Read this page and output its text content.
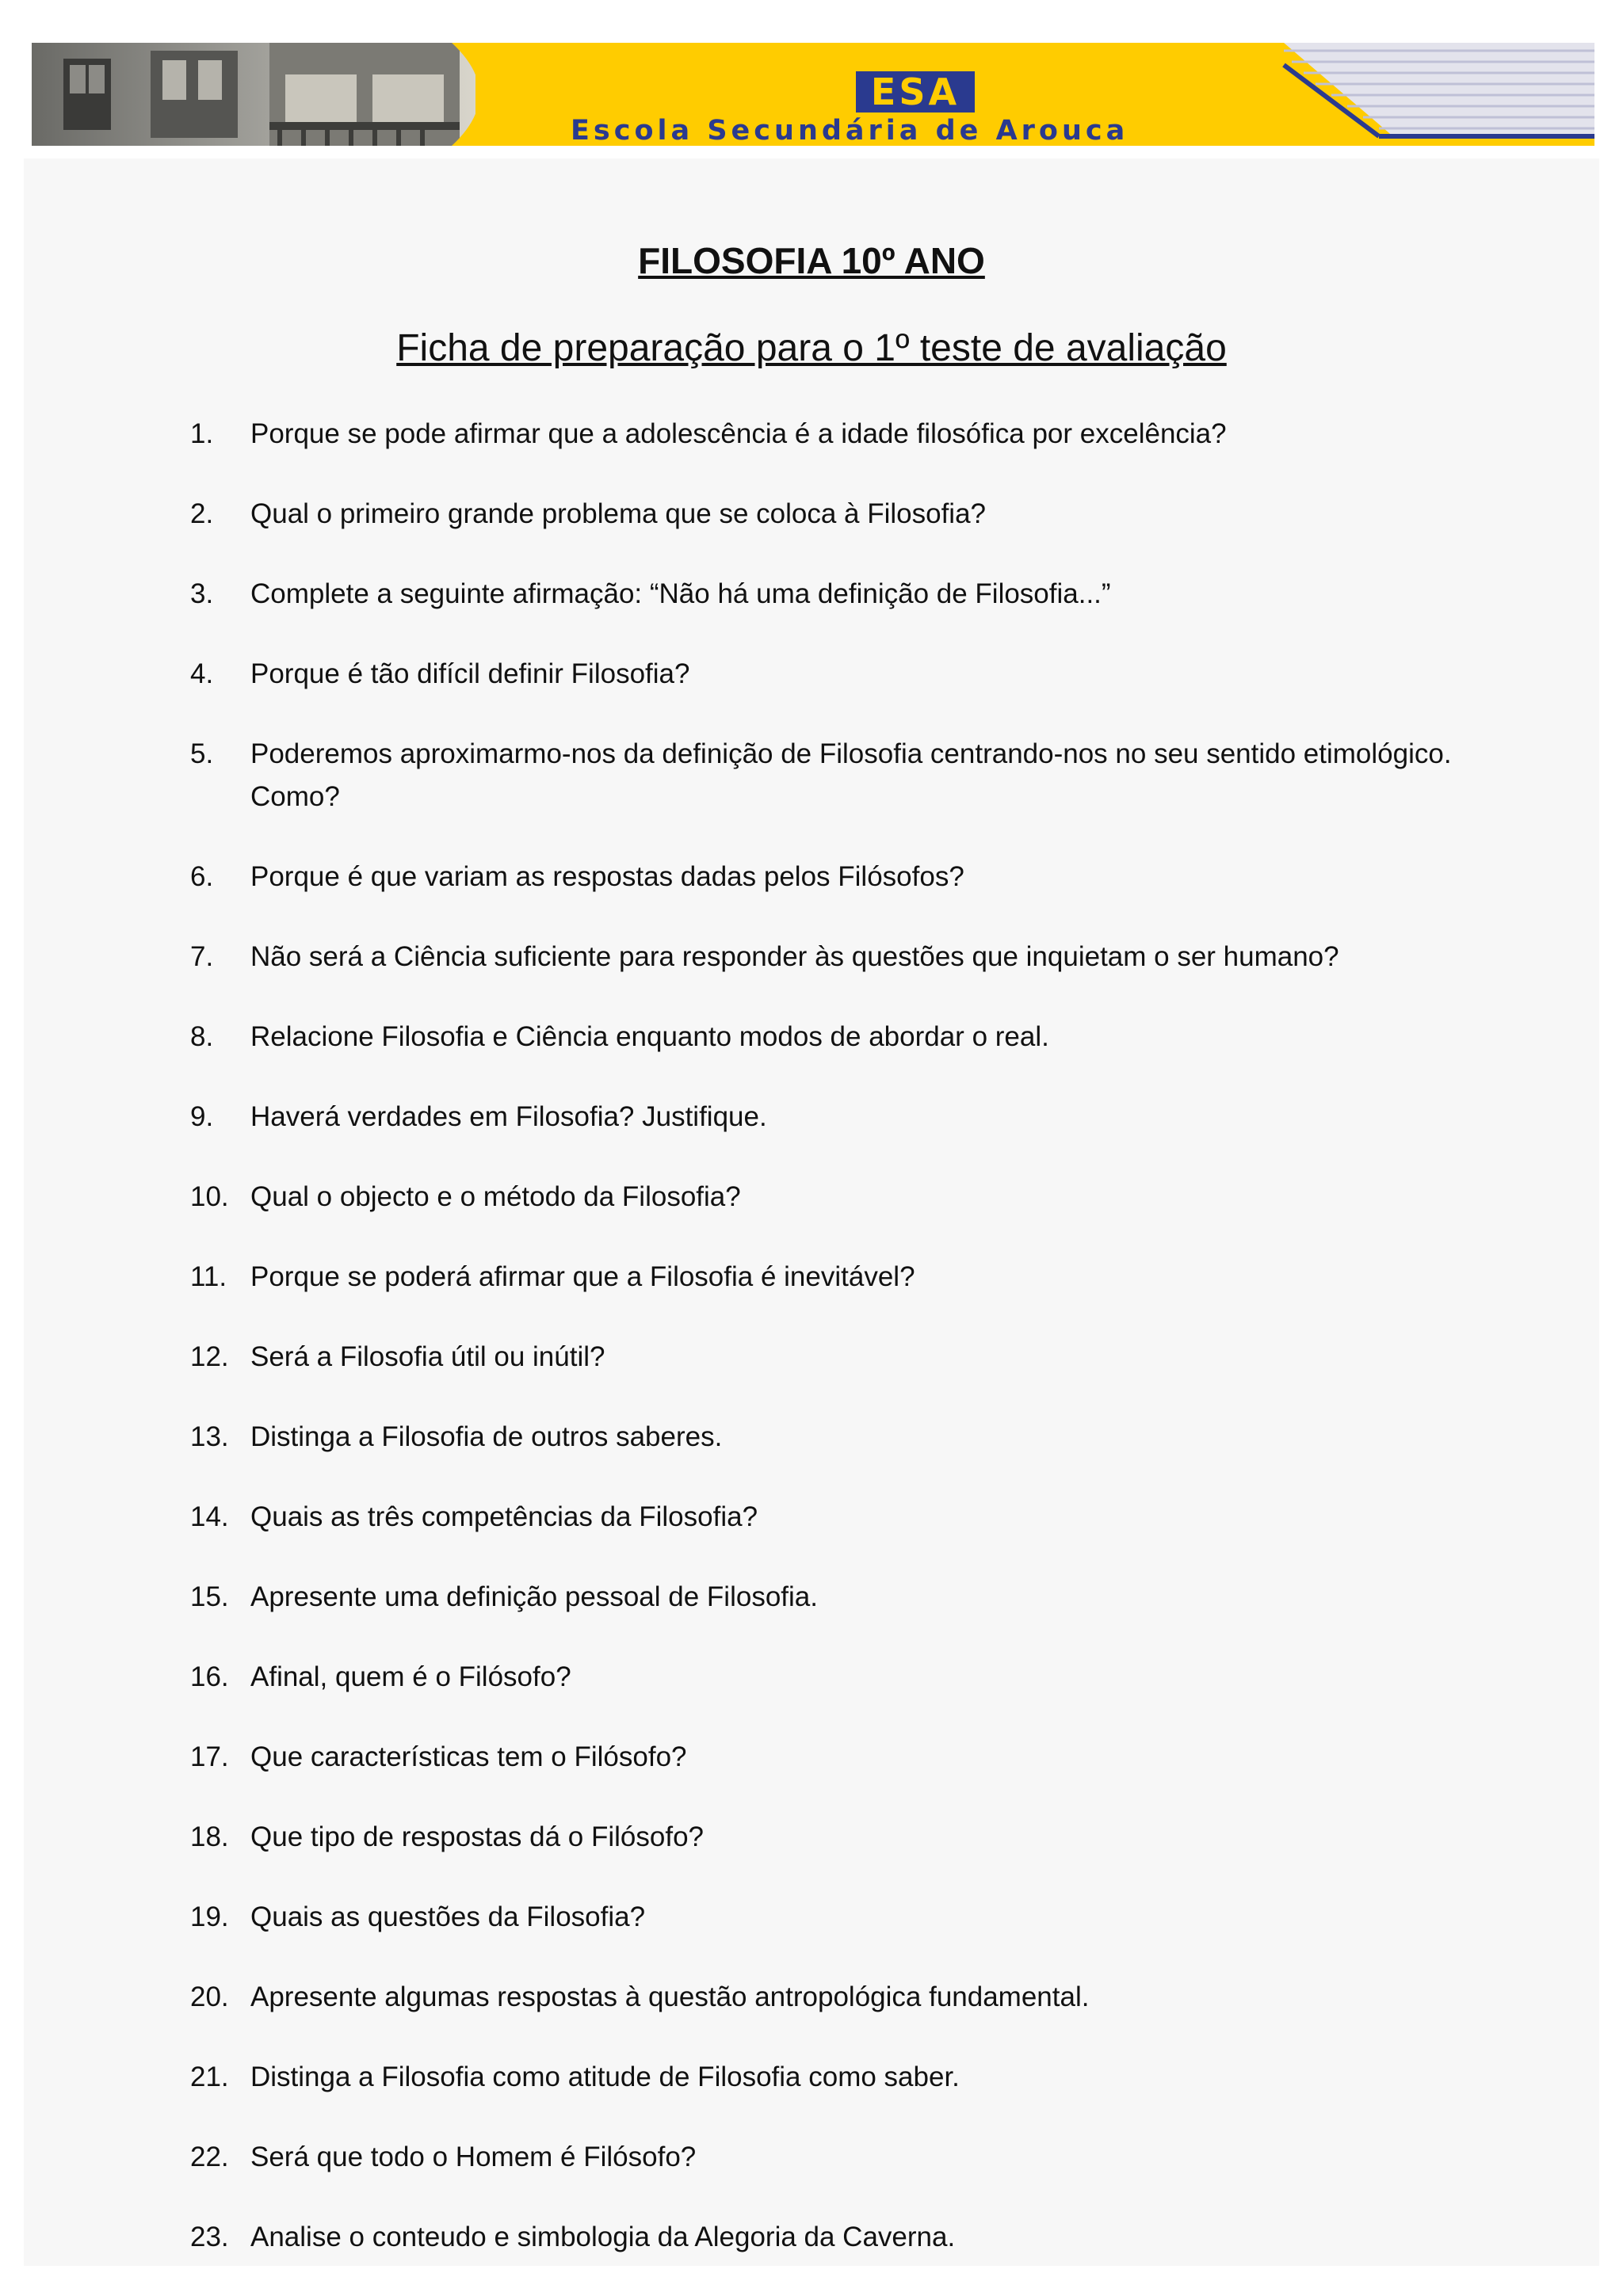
ESA
Escola Secundária de Arouca
FILOSOFIA 10º ANO
Ficha de preparação para o 1º teste de avaliação
1.	Porque se pode afirmar que a adolescência é a idade filosófica por excelência?
2.	Qual o primeiro grande problema que se coloca à Filosofia?
3.	Complete a seguinte afirmação: “Não há uma definição de Filosofia...”
4.	Porque é tão difícil definir Filosofia?
5.	Poderemos aproximarmo-nos da definição de Filosofia centrando-nos no seu sentido etimológico. Como?
6.	Porque é que variam as respostas dadas pelos Filósofos?
7.	Não será a Ciência suficiente para responder às questões que inquietam o ser humano?
8.	Relacione Filosofia e Ciência enquanto modos de abordar o real.
9.	Haverá verdades em Filosofia? Justifique.
10. Qual o objecto e o método da Filosofia?
11. Porque se poderá afirmar que a Filosofia é inevitável?
12. Será a Filosofia útil ou inútil?
13. Distinga a Filosofia de outros saberes.
14. Quais as três competências da Filosofia?
15. Apresente uma definição pessoal de Filosofia.
16. Afinal, quem é o Filósofo?
17. Que características tem o Filósofo?
18. Que tipo de respostas dá o Filósofo?
19. Quais as questões da Filosofia?
20. Apresente algumas respostas à questão antropológica fundamental.
21. Distinga a Filosofia como atitude de Filosofia como saber.
22. Será que todo o Homem é Filósofo?
23. Analise o conteudo e simbologia da Alegoria da Caverna.
